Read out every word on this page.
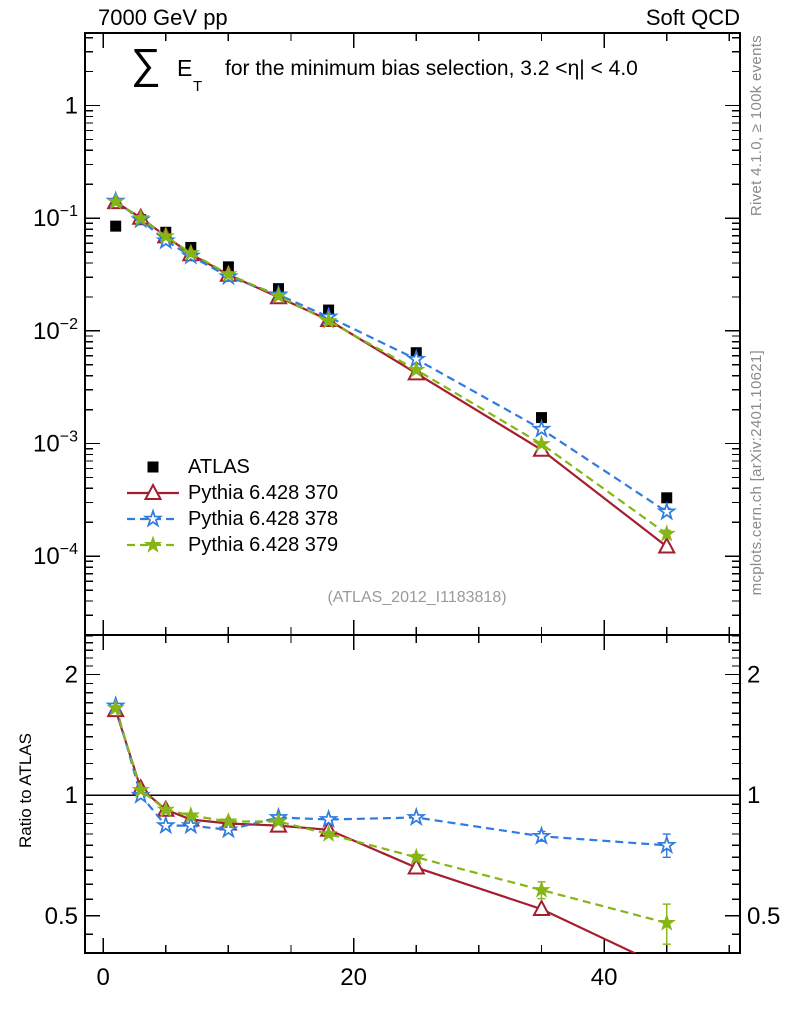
1
$10^{-1}$
$10^{-2}$
$10^{-3}$
$10^{-4}$
0	20	40
2	2
1	1
0.5	0.5
7000 GeV pp	Soft QCD
∑ E
T
for the minimum bias selection, 3.2 <η| < 4.0
ATLAS
Pythia 6.428 370
Pythia 6.428 378
Pythia 6.428 379
(ATLAS_2012_I1183818)
Rivet 4.1.0, ≥ 100k events
mcplots.cern.ch [arXiv:2401.10621]
Ratio to ATLAS
